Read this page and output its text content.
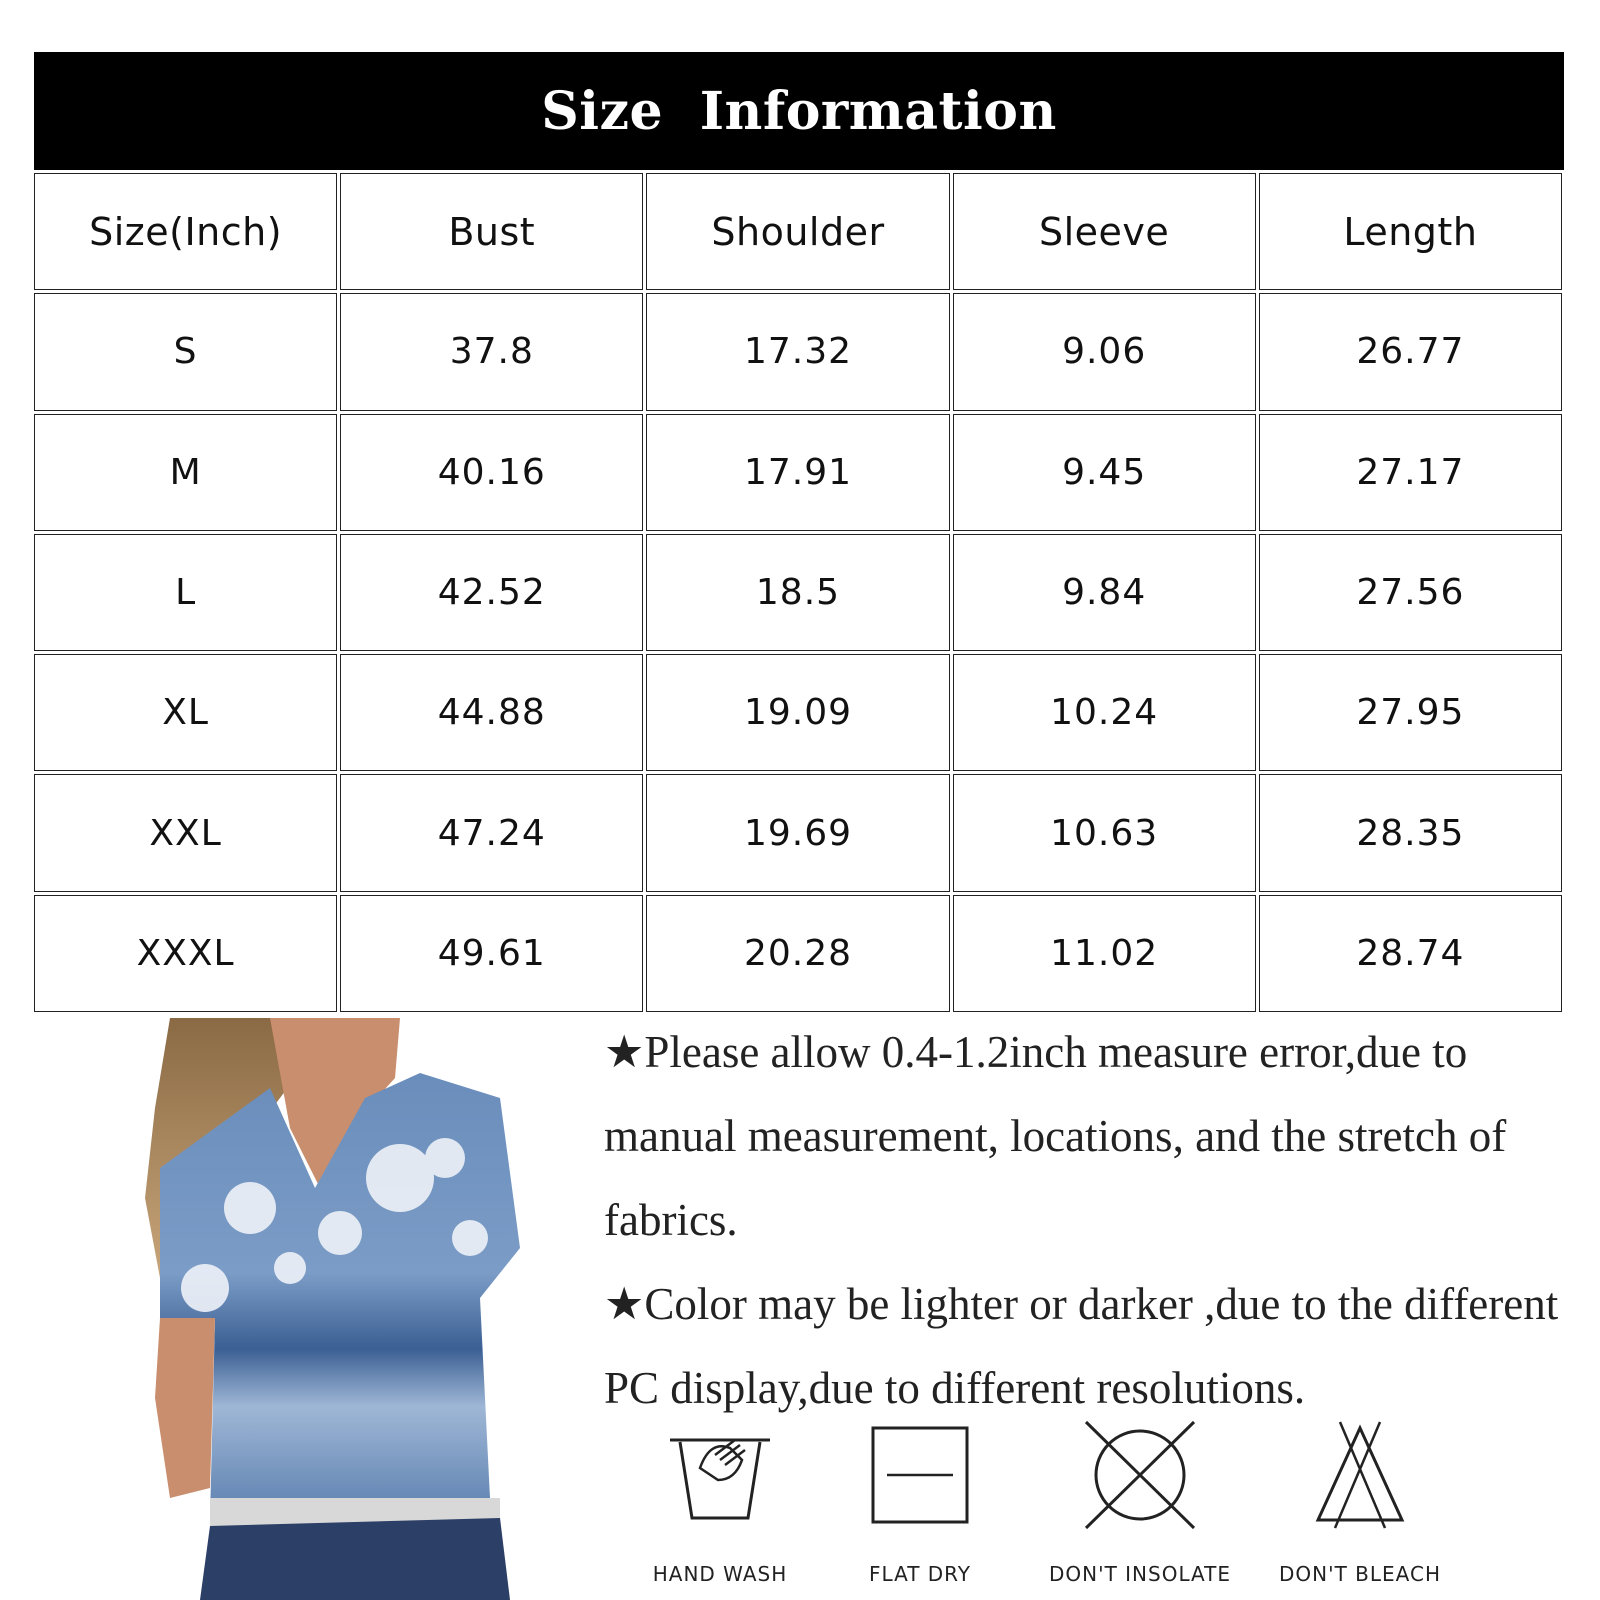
Size Information
Size(Inch)	Bust	Shoulder	Sleeve	Length
S	37.8	17.32	9.06	26.77
M	40.16	17.91	9.45	27.17
L	42.52	18.5	9.84	27.56
XL	44.88	19.09	10.24	27.95
XXL	47.24	19.69	10.63	28.35
XXXL	49.61	20.28	11.02	28.74

★Please allow 0.4-1.2inch measure error,due to manual measurement, locations, and the stretch of fabrics.

★Color may be lighter or darker ,due to the different PC display,due to different resolutions.

HAND WASH	FLAT DRY	DON'T INSOLATE	DON'T BLEACH
